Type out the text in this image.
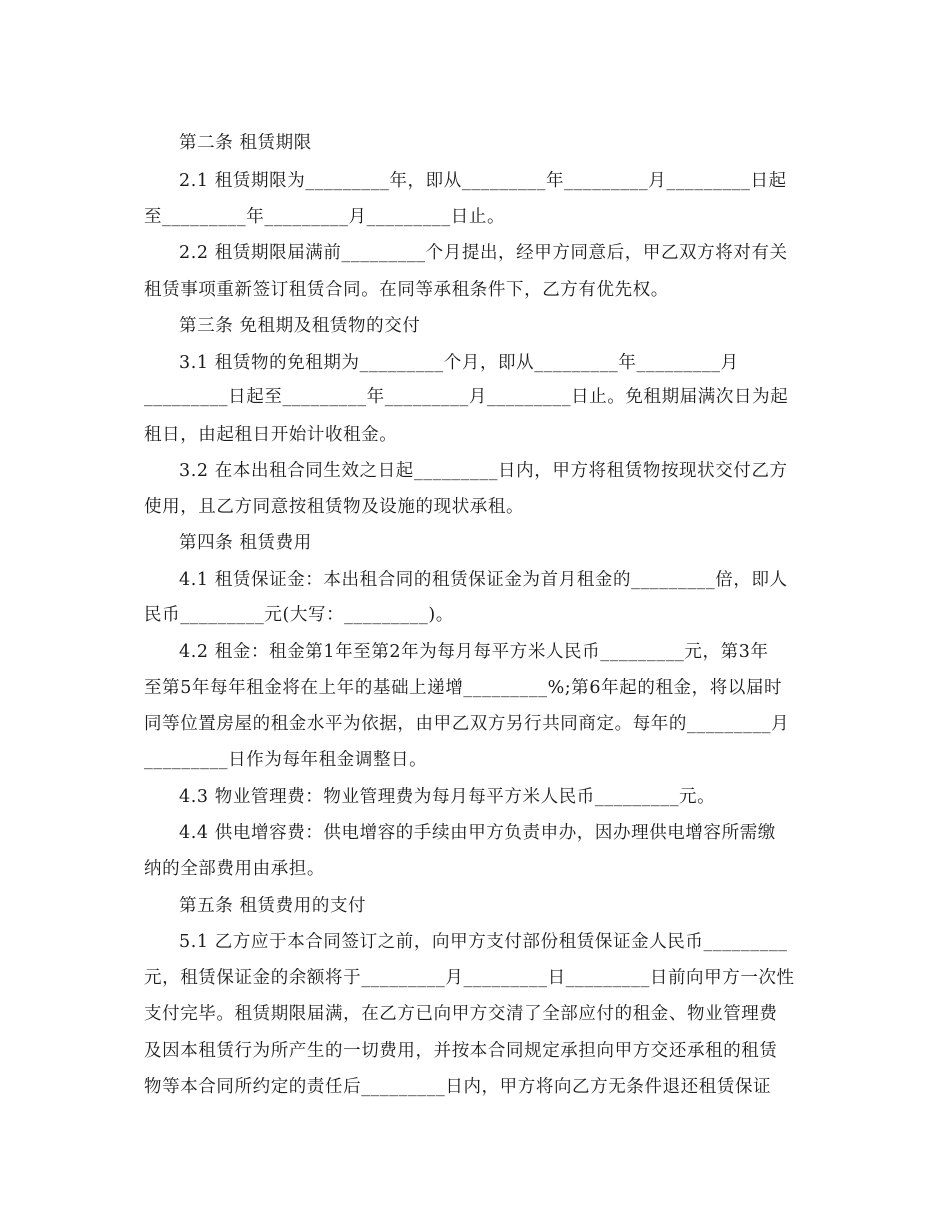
第二条 租赁期限
2.1 租赁期限为_________年，即从_________年_________月_________日起
至_________年_________月_________日止。
2.2 租赁期限届满前_________个月提出，经甲方同意后，甲乙双方将对有关
租赁事项重新签订租赁合同。在同等承租条件下，乙方有优先权。
第三条 免租期及租赁物的交付
3.1 租赁物的免租期为_________个月，即从_________年_________月
_________日起至_________年_________月_________日止。免租期届满次日为起
租日，由起租日开始计收租金。
3.2 在本出租合同生效之日起_________日内，甲方将租赁物按现状交付乙方
使用，且乙方同意按租赁物及设施的现状承租。
第四条 租赁费用
4.1 租赁保证金：本出租合同的租赁保证金为首月租金的_________倍，即人
民币_________元(大写：_________)。
4.2 租金：租金第1年至第2年为每月每平方米人民币_________元，第3年
至第5年每年租金将在上年的基础上递增_________%;第6年起的租金，将以届时
同等位置房屋的租金水平为依据，由甲乙双方另行共同商定。每年的_________月
_________日作为每年租金调整日。
4.3 物业管理费：物业管理费为每月每平方米人民币_________元。
4.4 供电增容费：供电增容的手续由甲方负责申办，因办理供电增容所需缴
纳的全部费用由承担。
第五条 租赁费用的支付
5.1 乙方应于本合同签订之前，向甲方支付部份租赁保证金人民币_________
元，租赁保证金的余额将于_________月_________日_________日前向甲方一次性
支付完毕。租赁期限届满，在乙方已向甲方交清了全部应付的租金、物业管理费
及因本租赁行为所产生的一切费用，并按本合同规定承担向甲方交还承租的租赁
物等本合同所约定的责任后_________日内，甲方将向乙方无条件退还租赁保证
